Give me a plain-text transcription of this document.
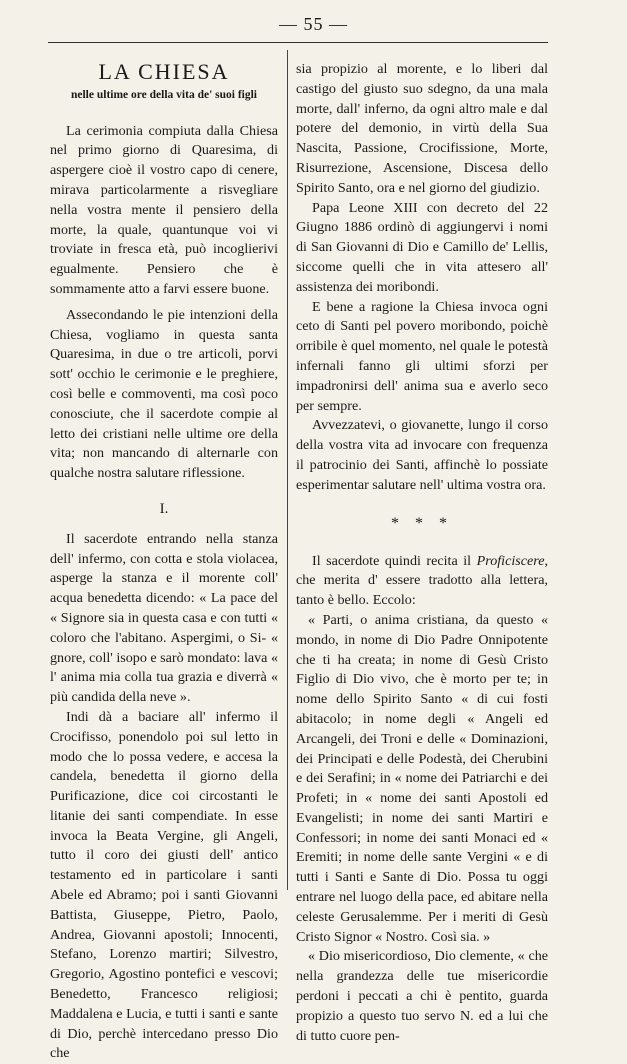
— 55 —
LA CHIESA
nelle ultime ore della vita de' suoi figli

La cerimonia compiuta dalla Chiesa nel primo giorno di Quaresima, di aspergere cioè il vostro capo di cenere, mirava particolarmente a risvegliare nella vostra mente il pensiero della morte, la quale, quantunque voi vi troviate in fresca età, può incoglierivi egualmente. Pensiero che è sommamente atto a farvi essere buone.

Assecondando le pie intenzioni della Chiesa, vogliamo in questa santa Quaresima, in due o tre articoli, porvi sott' occhio le cerimonie e le preghiere, così belle e commoventi, ma così poco conosciute, che il sacerdote compie al letto dei cristiani nelle ultime ore della vita; non mancando di alternarle con qualche nostra salutare riflessione.

I.

Il sacerdote entrando nella stanza dell' infermo, con cotta e stola violacea, asperge la stanza e il morente coll' acqua benedetta dicendo: « La pace del « Signore sia in questa casa e con tutti « coloro che l'abitano. Aspergimi, o Si- « gnore, coll' isopo e sarò mondato: lava « l' anima mia colla tua grazia e diverrà « più candida della neve ».

Indi dà a baciare all' infermo il Crocifisso, ponendolo poi sul letto in modo che lo possa vedere, e accesa la candela, benedetta il giorno della Purificazione, dice coi circostanti le litanie dei santi compendiate. In esse invoca la Beata Vergine, gli Angeli, tutto il coro dei giusti dell' antico testamento ed in particolare i santi Abele ed Abramo; poi i santi Giovanni Battista, Giuseppe, Pietro, Paolo, Andrea, Giovanni apostoli; Innocenti, Stefano, Lorenzo martiri; Silvestro, Gregorio, Agostino pontefici e vescovi; Benedetto, Francesco religiosi; Maddalena e Lucia, e tutti i santi e sante di Dio, perchè intercedano presso Dio che

sia propizio al morente, e lo liberi dal castigo del giusto suo sdegno, da una mala morte, dall' inferno, da ogni altro male e dal potere del demonio, in virtù della Sua Nascita, Passione, Crocifissione, Morte, Risurrezione, Ascensione, Discesa dello Spirito Santo, ora e nel giorno del giudizio.

Papa Leone XIII con decreto del 22 Giugno 1886 ordinò di aggiungervi i nomi di San Giovanni di Dio e Camillo de' Lellis, siccome quelli che in vita attesero all' assistenza dei moribondi.

E bene a ragione la Chiesa invoca ogni ceto di Santi pel povero moribondo, poichè orribile è quel momento, nel quale le potestà infernali fanno gli ultimi sforzi per impadronirsi dell' anima sua e averlo seco per sempre.

Avvezzatevi, o giovanette, lungo il corso della vostra vita ad invocare con frequenza il patrocinio dei Santi, affinchè lo possiate esperimentar salutare nell' ultima vostra ora.

* * *

Il sacerdote quindi recita il Proficiscere, che merita d' essere tradotto alla lettera, tanto è bello. Eccolo:

« Parti, o anima cristiana, da questo « mondo, in nome di Dio Padre Onnipotente che ti ha creata; in nome di Gesù Cristo Figlio di Dio vivo, che è morto per te; in nome dello Spirito Santo « di cui fosti abitacolo; in nome degli « Angeli ed Arcangeli, dei Troni e delle « Dominazioni, dei Principati e delle Podestà, dei Cherubini e dei Serafini; in « nome dei Patriarchi e dei Profeti; in « nome dei santi Apostoli ed Evangelisti; in nome dei santi Martiri e Confessori; in nome dei santi Monaci ed « Eremiti; in nome delle sante Vergini « e di tutti i Santi e Sante di Dio. Possa tu oggi entrare nel luogo della pace, ed abitare nella celeste Gerusalemme. Per i meriti di Gesù Cristo Signor « Nostro. Così sia. »

« Dio misericordioso, Dio clemente, « che nella grandezza delle tue misericordie perdoni i peccati a chi è pentito, guarda propizio a questo tuo servo N. ed a lui che di tutto cuore pen-
